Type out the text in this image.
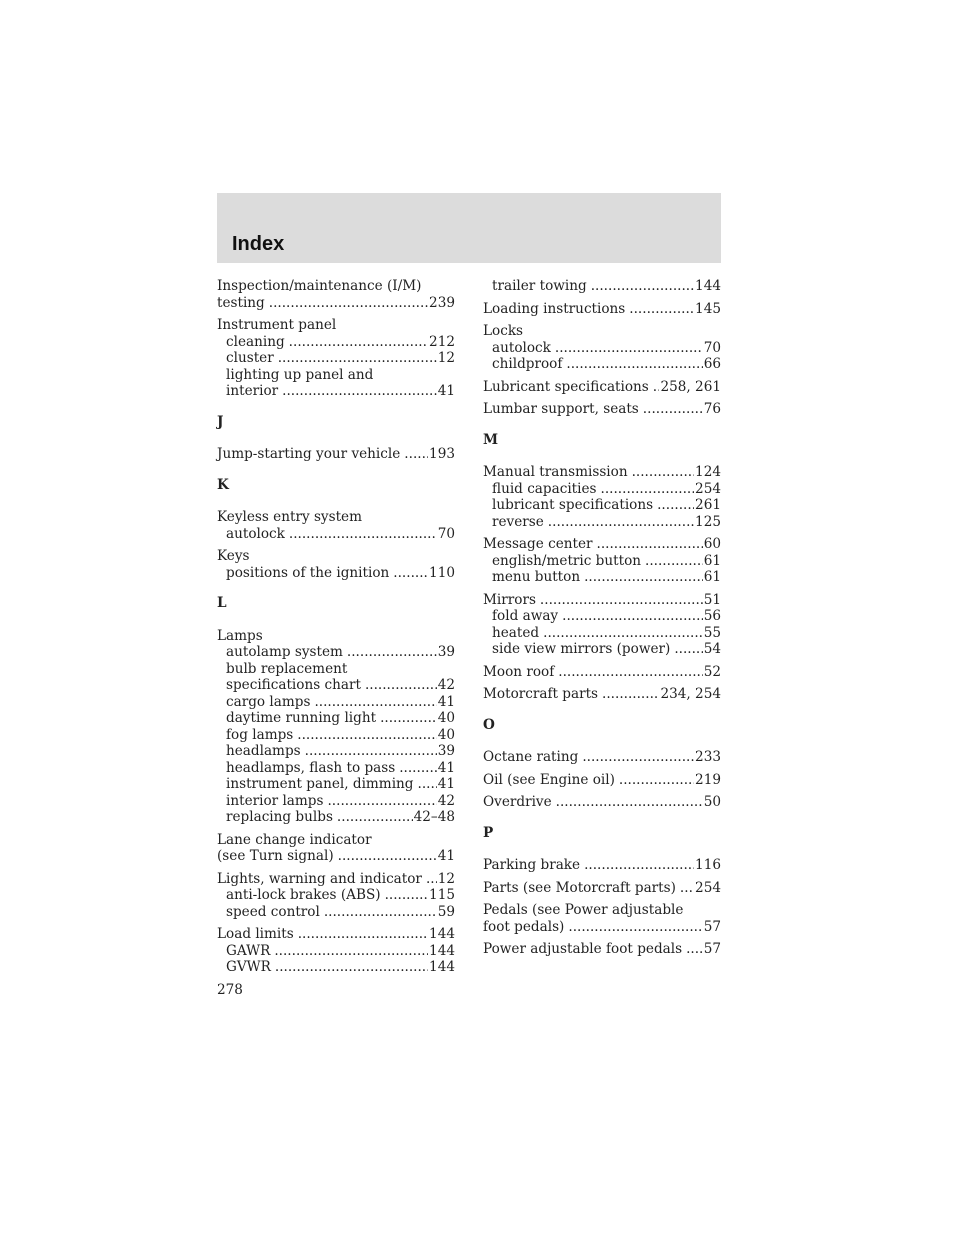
Index
Inspection/maintenance (I/M)
testing .....	239
Instrument panel
cleaning .....	212
cluster .....	12
lighting up panel and
interior .....	41
J
Jump-starting your vehicle ..... 193
K
Keyless entry system
autolock .....	70
Keys
positions of the ignition .....	110
L
Lamps
autolamp system .....	39
bulb replacement
specifications chart .....	42
cargo lamps .....	41
daytime running light .....	40
fog lamps .....	40
headlamps .....	39
headlamps, flash to pass .....	41
instrument panel, dimming ..... 41
interior lamps .....	42
replacing bulbs .....	42–48
Lane change indicator
(see Turn signal) .....	41
Lights, warning and indicator ..... 12
anti-lock brakes (ABS) .....	115
speed control .....	59
Load limits .....	144
GAWR .....	144
GVWR .....	144
trailer towing .....	144
Loading instructions .....	145
Locks
autolock .....	70
childproof .....	66
Lubricant specifications ..... 258, 261
Lumbar support, seats .....	76
M
Manual transmission .....	124
fluid capacities .....	254
lubricant specifications .....	261
reverse .....	125
Message center .....	60
english/metric button .....	61
menu button .....	61
Mirrors .....	51
fold away .....	56
heated .....	55
side view mirrors (power) ..... 54
Moon roof .....	52
Motorcraft parts .....	234, 254
O
Octane rating .....	233
Oil (see Engine oil) .....	219
Overdrive .....	50
P
Parking brake .....	116
Parts (see Motorcraft parts) ..... 254
Pedals (see Power adjustable
foot pedals) .....	57
Power adjustable foot pedals ..... 57
278
